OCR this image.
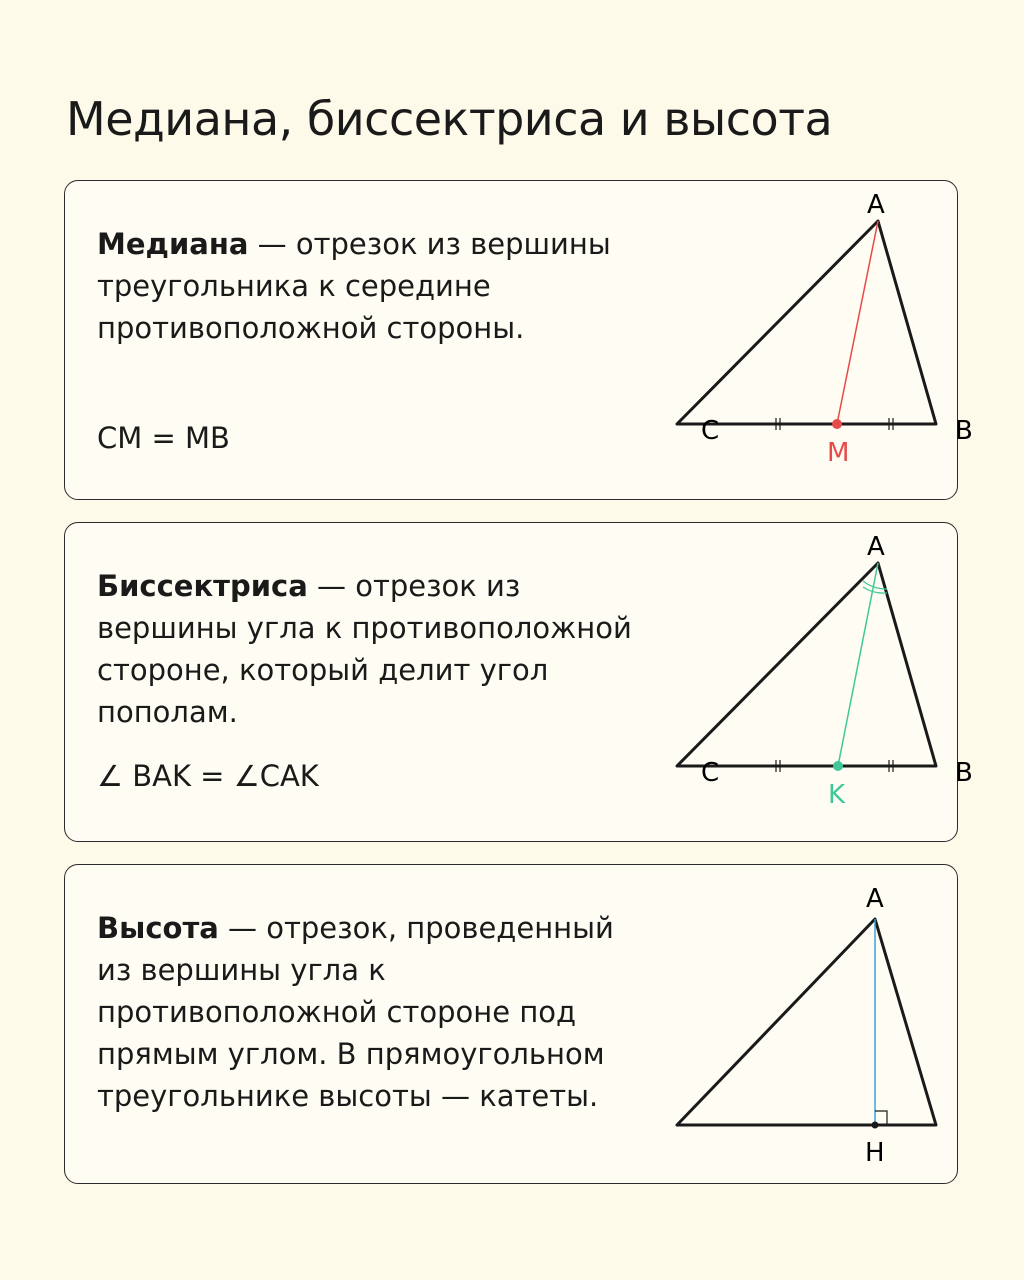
Медиана, биссектриса и высота

Медиана — отрезок из вершины треугольника к середине противоположной стороны.

CM = MB

A
C	B
M

Биссектриса — отрезок из вершины угла к противоположной стороне, который делит угол пополам.

∠ BAK = ∠CAK

A
C	B
K

Высота — отрезок, проведенный из вершины угла к противоположной стороне под прямым углом. В прямоугольном треугольнике высоты — катеты.

A
H
